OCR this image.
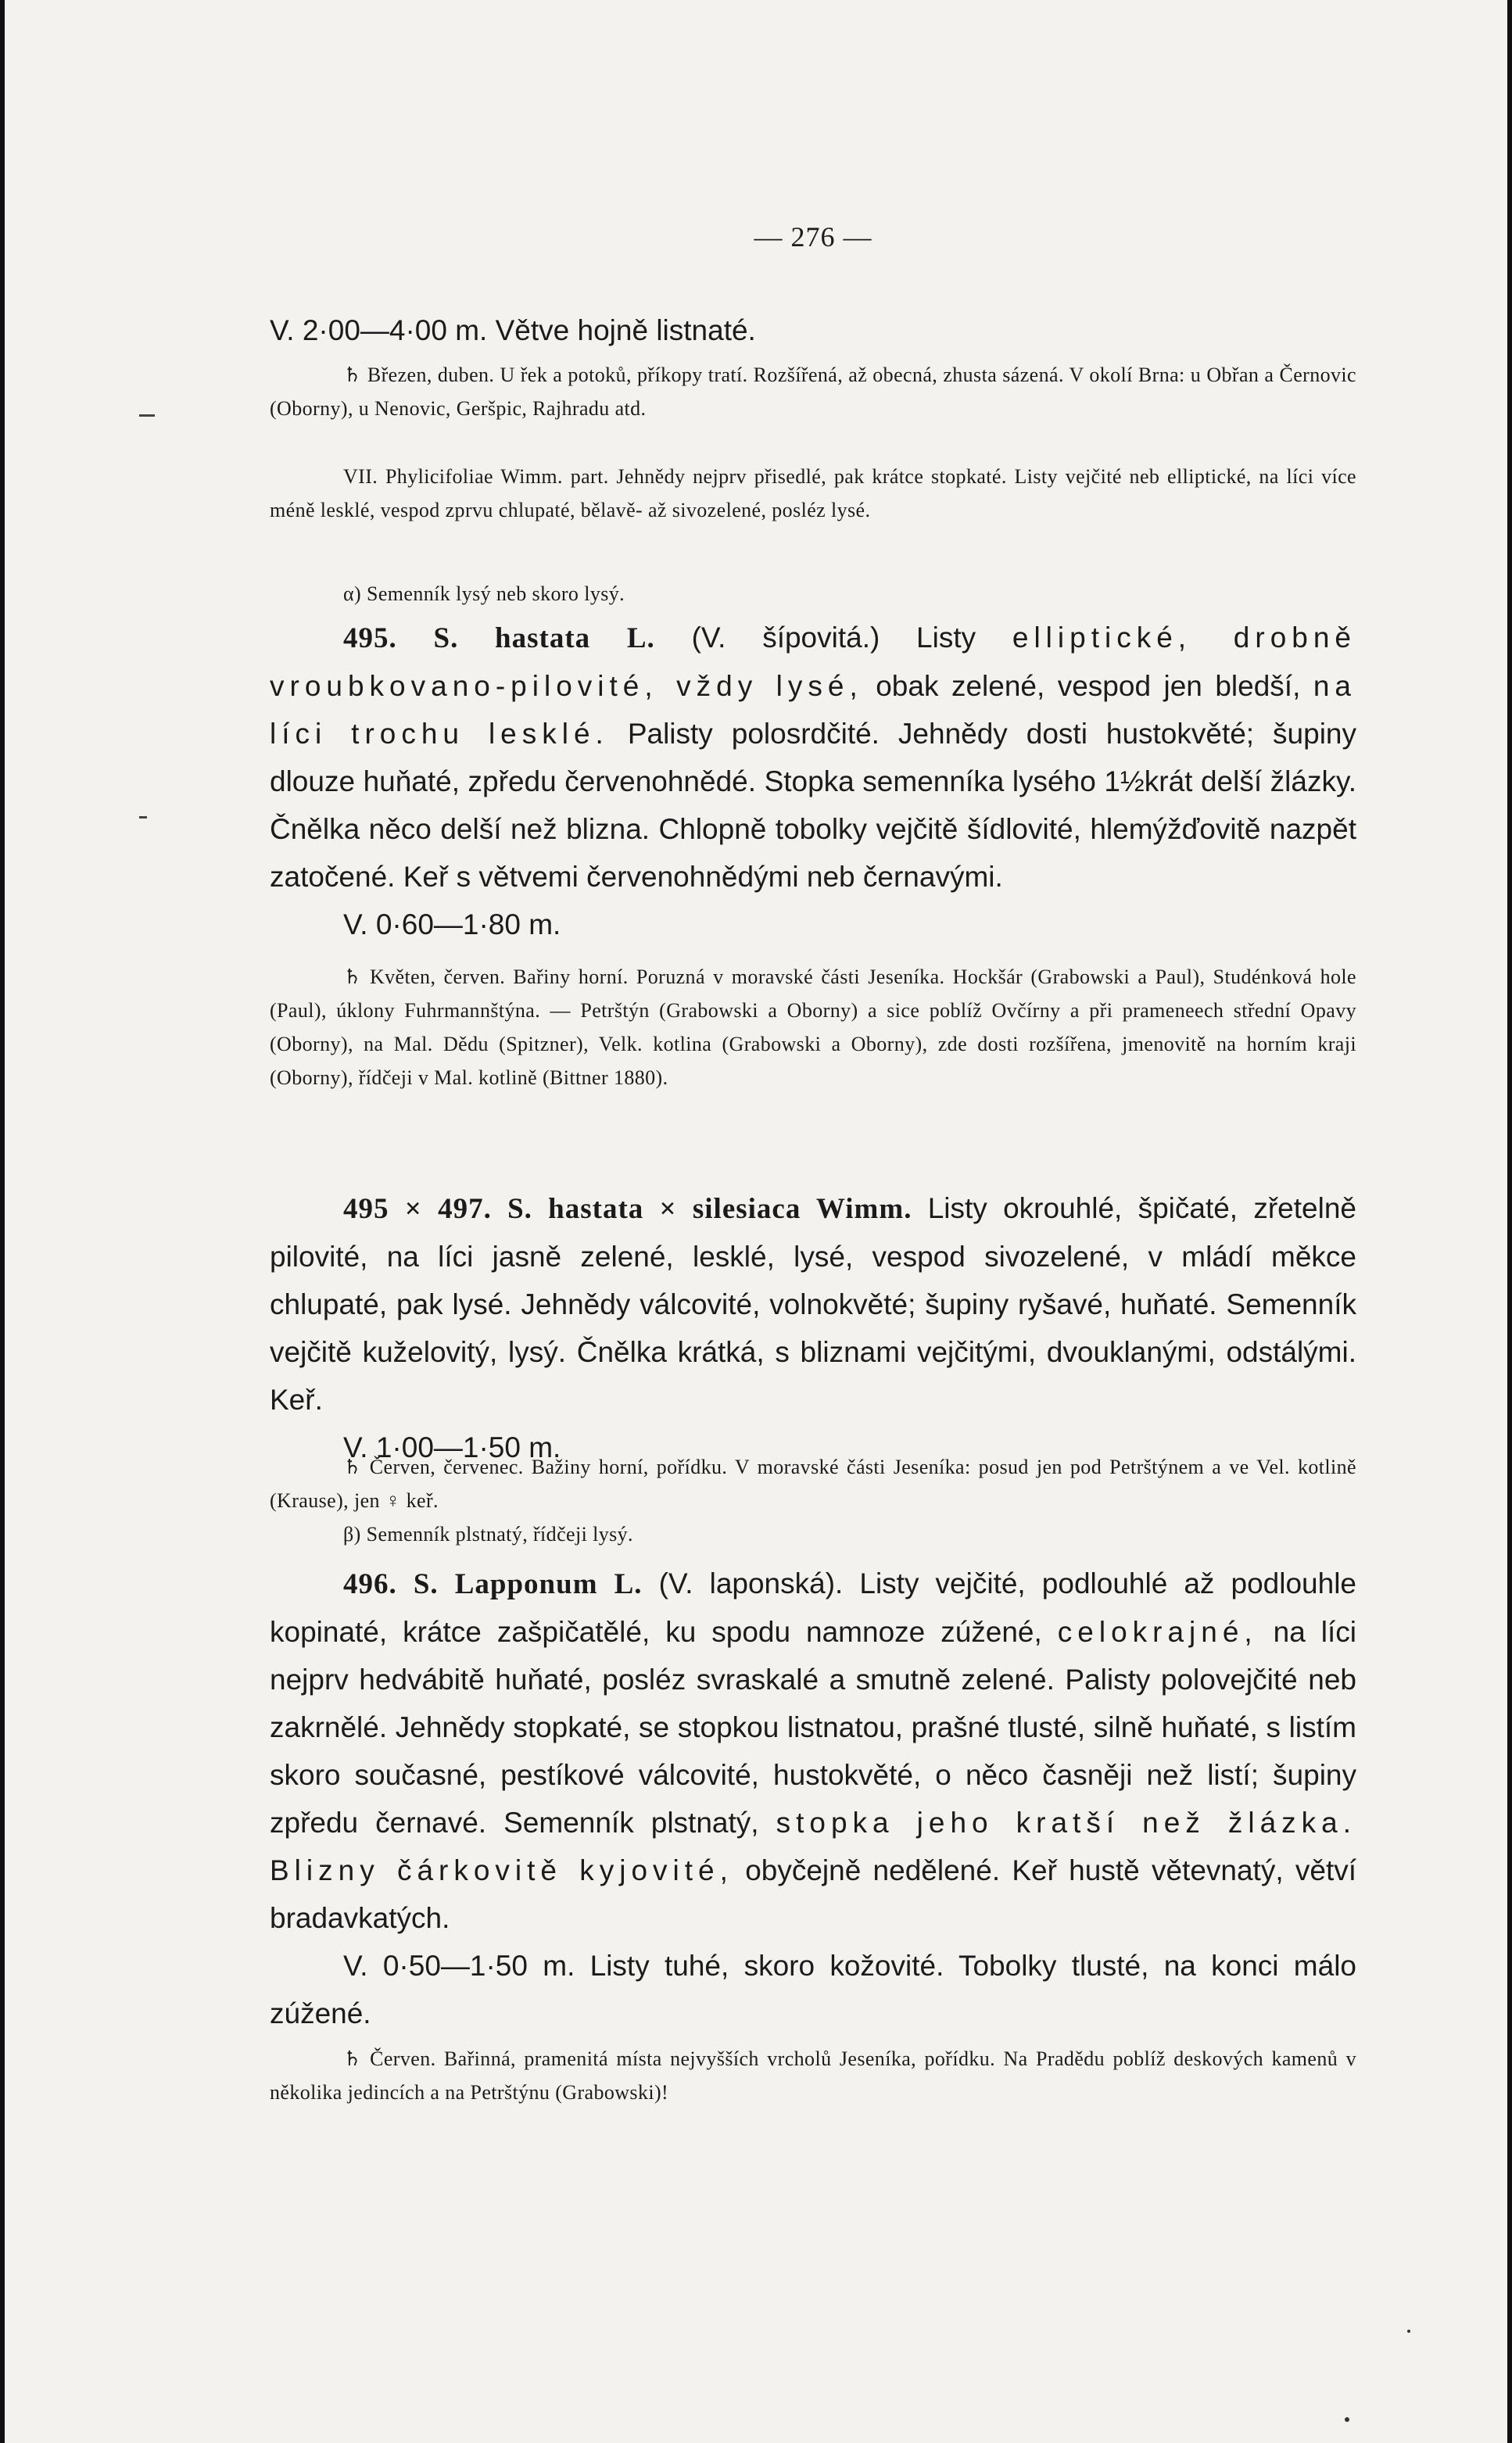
— 276 —

V. 2·00—4·00 m. Větve hojně listnaté.

♄ Březen, duben. U řek a potoků, příkopy tratí. Rozšířená, až obecná, zhusta sázená. V okolí Brna: u Obřan a Černovic (Oborny), u Nenovic, Geršpic, Rajhradu atd.

VII. Phylicifoliae Wimm. part. Jehnědy nejprv přisedlé, pak krátce stopkaté. Listy vejčité neb elliptické, na líci více méně lesklé, vespod zprvu chlupaté, bělavě- až sivozelené, posléz lysé.

α) Semenník lysý neb skoro lysý.

495. S. hastata L. (V. šípovitá.) Listy elliptické, drobně vroubkovano-pilovité, vždy lysé, obak zelené, vespod jen bledší, na líci trochu lesklé. Palisty polosrdčité. Jehnědy dosti hustokvěté; šupiny dlouze huňaté, zpředu červenohnědé. Stopka semenníka lysého 1½krát delší žlázky. Čnělka něco delší než blizna. Chlopně tobolky vejčitě šídlovité, hlemýžďovitě nazpět zatočené. Keř s větvemi červenohnědými neb černavými.

V. 0·60—1·80 m.

♄ Květen, červen. Bařiny horní. Poruzná v moravské části Jeseníka. Hockšár (Grabowski a Paul), Studénková hole (Paul), úklony Fuhrmannštýna. — Petrštýn (Grabowski a Oborny) a sice poblíž Ovčírny a při prameneech střední Opavy (Oborny), na Mal. Dědu (Spitzner), Velk. kotlina (Grabowski a Oborny), zde dosti rozšířena, jmenovitě na horním kraji (Oborny), řídčeji v Mal. kotlině (Bittner 1880).

495 × 497. S. hastata × silesiaca Wimm. Listy okrouhlé, špičaté, zřetelně pilovité, na líci jasně zelené, lesklé, lysé, vespod sivozelené, v mládí měkce chlupaté, pak lysé. Jehnědy válcovité, volnokvěté; šupiny ryšavé, huňaté. Semenník vejčitě kuželovitý, lysý. Čnělka krátká, s bliznami vejčitými, dvouklanými, odstálými. Keř.

V. 1·00—1·50 m.

♄ Červen, červenec. Bažiny horní, pořídku. V moravské části Jeseníka: posud jen pod Petrštýnem a ve Vel. kotlině (Krause), jen ♀ keř.

β) Semenník plstnatý, řídčeji lysý.

496. S. Lapponum L. (V. laponská). Listy vejčité, podlouhlé až podlouhle kopinaté, krátce zašpičatělé, ku spodu namnoze zúžené, celokrajné, na líci nejprv hedvábitě huňaté, posléz svraskalé a smutně zelené. Palisty polovejčité neb zakrnělé. Jehnědy stopkaté, se stopkou listnatou, prašné tlusté, silně huňaté, s listím skoro současné, pestíkové válcovité, hustokvěté, o něco časněji než listí; šupiny zpředu černavé. Semenník plstnatý, stopka jeho kratší než žlázka. Blizny čárkovitě kyjovité, obyčejně nedělené. Keř hustě větevnatý, větví bradavkatých.

V. 0·50—1·50 m. Listy tuhé, skoro kožovité. Tobolky tlusté, na konci málo zúžené.

♄ Červen. Bařinná, pramenitá místa nejvyšších vrcholů Jeseníka, pořídku. Na Pradědu poblíž deskových kamenů v několika jedincích a na Petrštýnu (Grabowski)!
